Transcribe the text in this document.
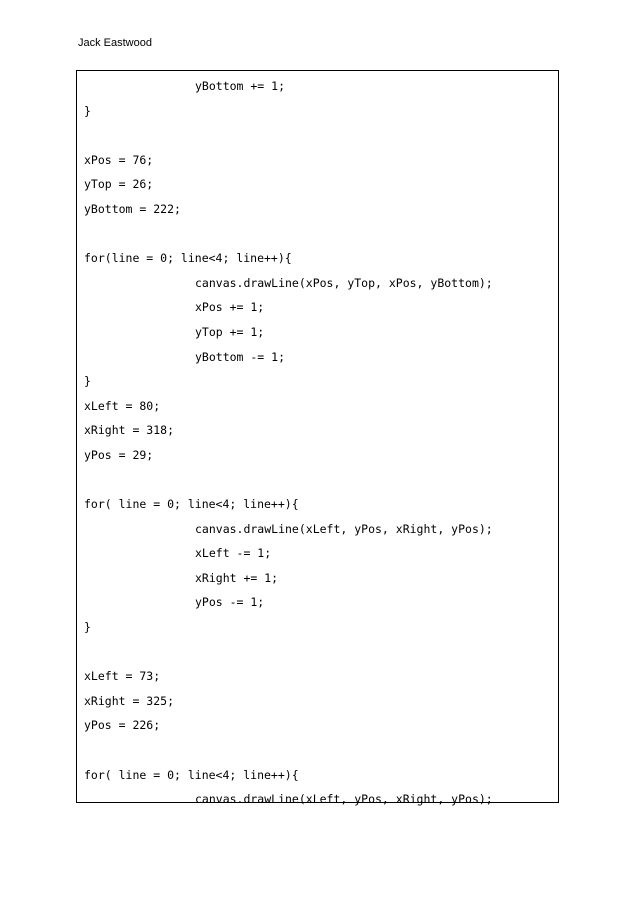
Jack Eastwood
yBottom += 1;
}
xPos = 76;
yTop = 26;
yBottom = 222;
for(line = 0; line<4; line++){
canvas.drawLine(xPos, yTop, xPos, yBottom);
xPos += 1;
yTop += 1;
yBottom -= 1;
}
xLeft = 80;
xRight = 318;
yPos = 29;
for( line = 0; line<4; line++){
canvas.drawLine(xLeft, yPos, xRight, yPos);
xLeft -= 1;
xRight += 1;
yPos -= 1;
}
xLeft = 73;
xRight = 325;
yPos = 226;
for( line = 0; line<4; line++){
canvas.drawLine(xLeft, yPos, xRight, yPos);
